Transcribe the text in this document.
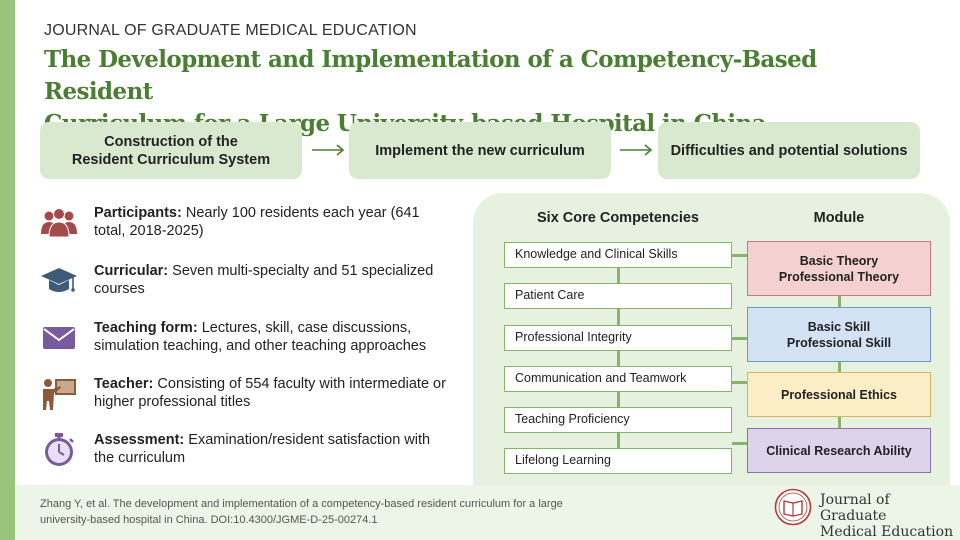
JOURNAL OF GRADUATE MEDICAL EDUCATION
The Development and Implementation of a Competency-Based Resident
Construction of the
Resident Curriculum System
Implement the new curriculum	Difficulties and potential solutions
Participants: Nearly 100 residents each year (641 total, 2018-2025)
Curricular: Seven multi-specialty and 51 specialized courses
Teaching form: Lectures, skill, case discussions, simulation teaching, and other teaching approaches
Teacher: Consisting of 554 faculty with intermediate or higher professional titles
Assessment: Examination/resident satisfaction with the curriculum
Six Core Competencies	Module
Knowledge and Clinical Skills
Patient Care
Professional Integrity
Communication and Teamwork
Teaching Proficiency
Lifelong Learning
Basic Theory
Professional Theory
Basic Skill
Professional Skill
Professional Ethics
Clinical Research Ability
Zhang Y, et al. The development and implementation of a competency-based resident curriculum for a large
university-based hospital in China. DOI:10.4300/JGME-D-25-00274.1
Journal of Graduate
Medical Education
